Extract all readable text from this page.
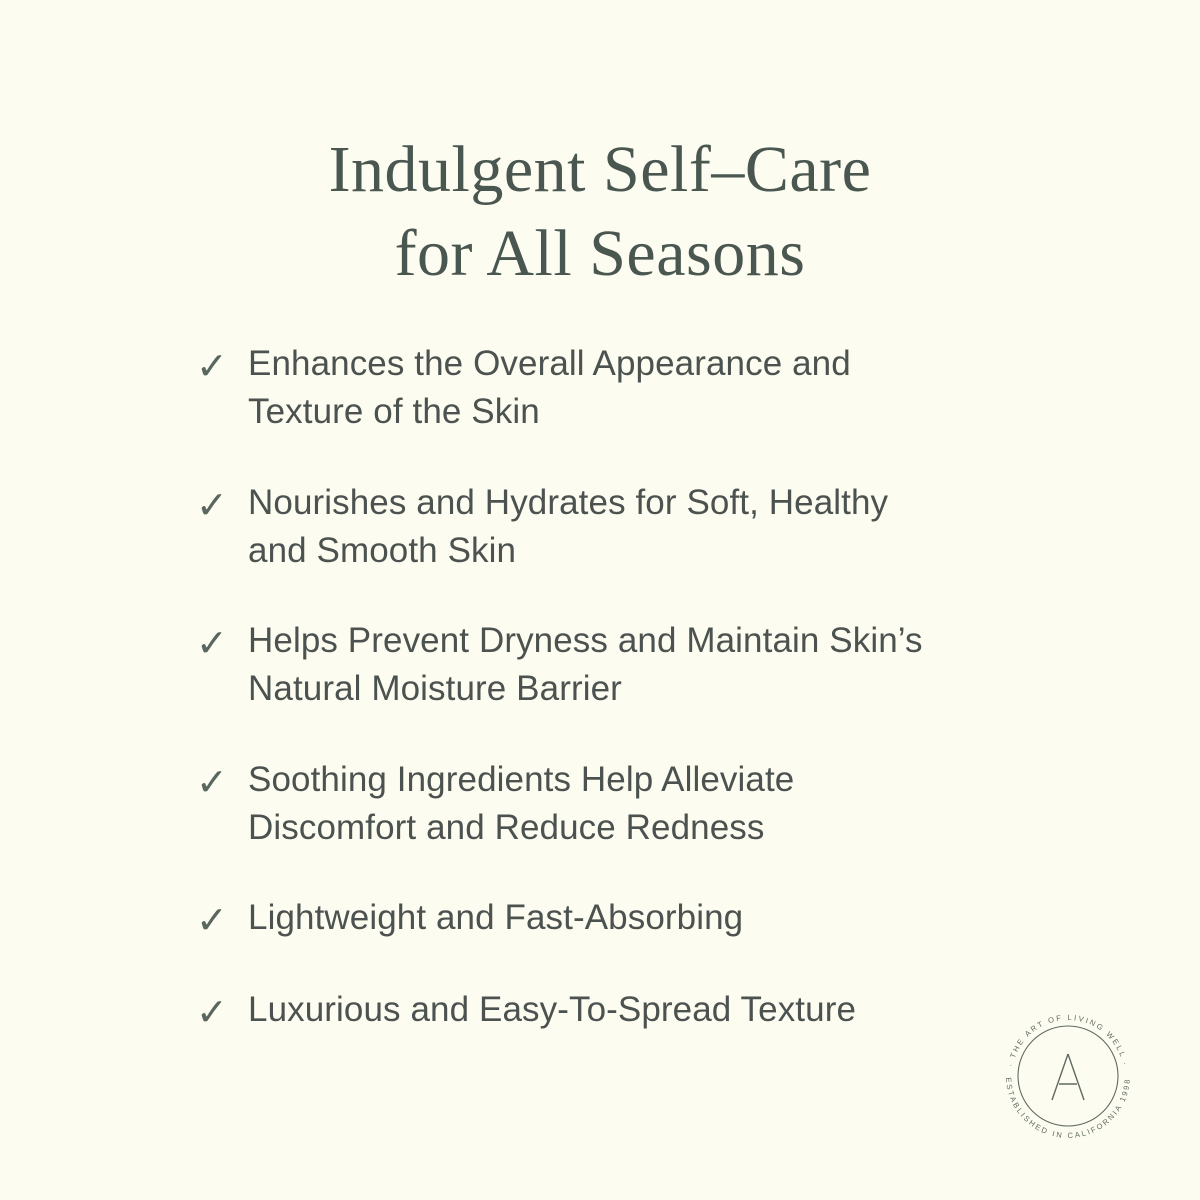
Indulgent Self–Care
for All Seasons
✓ Enhances the Overall Appearance and Texture of the Skin
✓ Nourishes and Hydrates for Soft, Healthy and Smooth Skin
✓ Helps Prevent Dryness and Maintain Skin’s Natural Moisture Barrier
✓ Soothing Ingredients Help Alleviate Discomfort and Reduce Redness
✓ Lightweight and Fast-Absorbing
✓ Luxurious and Easy-To-Spread Texture
· THE ART OF LIVING WELL ·
ESTABLISHED IN CALIFORNIA 1998
